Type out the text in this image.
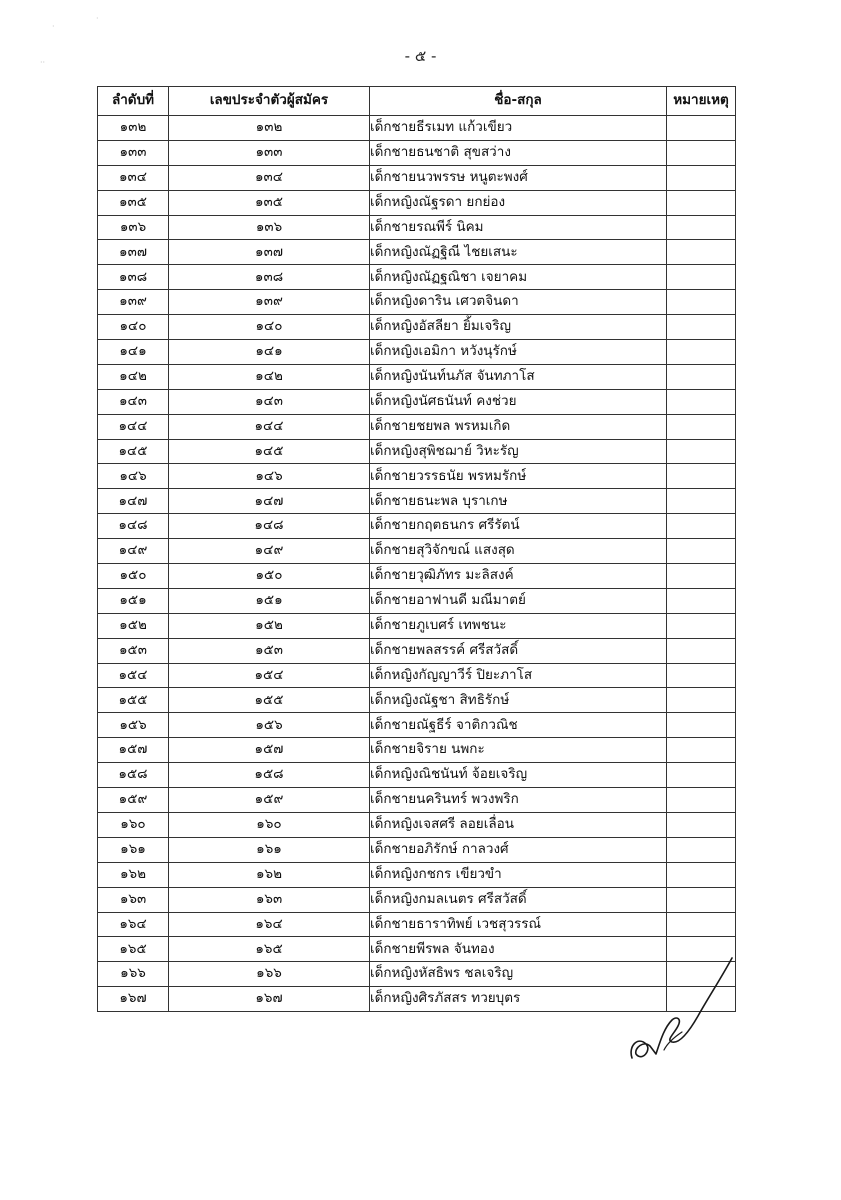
·
··
·
- ๕ -
ลำดับที่	เลขประจำตัวผู้สมัคร	ชื่อ-สกุล	หมายเหตุ
๑๓๒	๑๓๒	เด็กชายธีรเมท แก้วเขียว	
๑๓๓	๑๓๓	เด็กชายธนชาติ สุขสว่าง	
๑๓๔	๑๓๔	เด็กชายนวพรรษ หนูตะพงศ์	
๑๓๕	๑๓๕	เด็กหญิงณัฐรดา ยกย่อง	
๑๓๖	๑๓๖	เด็กชายรณพีร์ นิคม	
๑๓๗	๑๓๗	เด็กหญิงณัฏฐิณี ไชยเสนะ	
๑๓๘	๑๓๘	เด็กหญิงณัฏฐณิชา เจยาคม	
๑๓๙	๑๓๙	เด็กหญิงดาริน เศวตจินดา	
๑๔๐	๑๔๐	เด็กหญิงอัสลียา ยิ้มเจริญ	
๑๔๑	๑๔๑	เด็กหญิงเอมิกา หวังนุรักษ์	
๑๔๒	๑๔๒	เด็กหญิงนันท์นภัส จันทภาโส	
๑๔๓	๑๔๓	เด็กหญิงนัศธนันท์ คงช่วย	
๑๔๔	๑๔๔	เด็กชายชยพล พรหมเกิด	
๑๔๕	๑๔๕	เด็กหญิงสุพิชฌาย์ วิหะรัญ	
๑๔๖	๑๔๖	เด็กชายวรรธนัย พรหมรักษ์	
๑๔๗	๑๔๗	เด็กชายธนะพล บุราเกษ	
๑๔๘	๑๔๘	เด็กชายกฤตธนกร ศรีรัตน์	
๑๔๙	๑๔๙	เด็กชายสุวิจักขณ์ แสงสุด	
๑๕๐	๑๕๐	เด็กชายวุฒิภัทร มะลิสงค์	
๑๕๑	๑๕๑	เด็กชายอาฟานดี มณีมาตย์	
๑๕๒	๑๕๒	เด็กชายภูเบศร์ เทพชนะ	
๑๕๓	๑๕๓	เด็กชายพลสรรค์ ศรีสวัสดิ์	
๑๕๔	๑๕๔	เด็กหญิงกัญญาวีร์ ปิยะภาโส	
๑๕๕	๑๕๕	เด็กหญิงณัฐชา สิทธิรักษ์	
๑๕๖	๑๕๖	เด็กชายณัฐธีร์ จาติกวณิช	
๑๕๗	๑๕๗	เด็กชายจิราย นพกะ	
๑๕๘	๑๕๘	เด็กหญิงณิชนันท์ จ้อยเจริญ	
๑๕๙	๑๕๙	เด็กชายนครินทร์ พวงพริก	
๑๖๐	๑๖๐	เด็กหญิงเจสศรี ลอยเลื่อน	
๑๖๑	๑๖๑	เด็กชายอภิรักษ์ กาลวงศ์	
๑๖๒	๑๖๒	เด็กหญิงกชกร เขียวขำ	
๑๖๓	๑๖๓	เด็กหญิงกมลเนตร ศรีสวัสดิ์	
๑๖๔	๑๖๔	เด็กชายธาราทิพย์ เวชสุวรรณ์	
๑๖๕	๑๖๕	เด็กชายพีรพล จันทอง	
๑๖๖	๑๖๖	เด็กหญิงหัสธิพร ชลเจริญ	
๑๖๗	๑๖๗	เด็กหญิงศิรภัสสร ทวยบุตร	
